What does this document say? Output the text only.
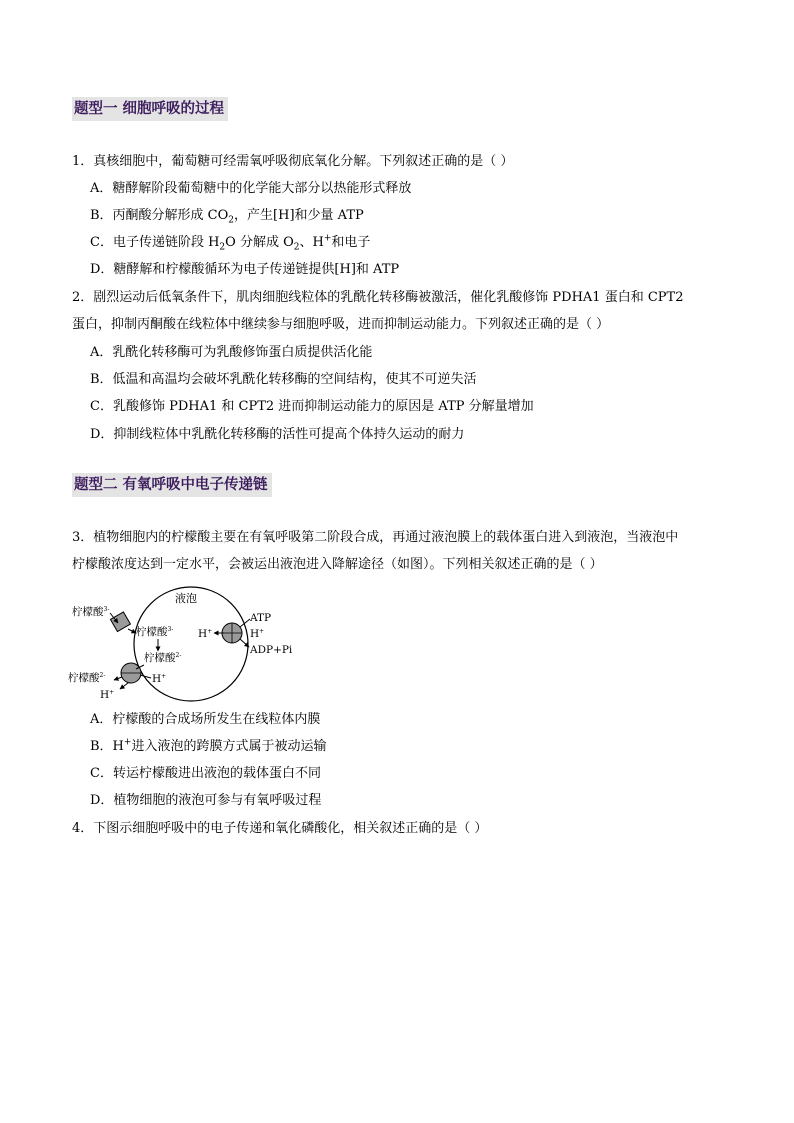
题型一 细胞呼吸的过程
1．真核细胞中，葡萄糖可经需氧呼吸彻底氧化分解。下列叙述正确的是（ ）
A．糖酵解阶段葡萄糖中的化学能大部分以热能形式释放
B．丙酮酸分解形成 $CO_2$，产生[H]和少量 ATP
C．电子传递链阶段 $H_2O$ 分解成 $O_2$、H+和电子
D．糖酵解和柠檬酸循环为电子传递链提供[H]和 ATP
2．剧烈运动后低氧条件下，肌肉细胞线粒体的乳酰化转移酶被激活，催化乳酸修饰 PDHA1 蛋白和 CPT2
蛋白，抑制丙酮酸在线粒体中继续参与细胞呼吸，进而抑制运动能力。下列叙述正确的是（ ）
A．乳酰化转移酶可为乳酸修饰蛋白质提供活化能
B．低温和高温均会破坏乳酰化转移酶的空间结构，使其不可逆失活
C．乳酸修饰 PDHA1 和 CPT2 进而抑制运动能力的原因是 ATP 分解量增加
D．抑制线粒体中乳酰化转移酶的活性可提高个体持久运动的耐力
题型二 有氧呼吸中电子传递链
3．植物细胞内的柠檬酸主要在有氧呼吸第二阶段合成，再通过液泡膜上的载体蛋白进入到液泡，当液泡中
柠檬酸浓度达到一定水平，会被运出液泡进入降解途径（如图）。下列相关叙述正确的是（ ）
液泡
柠檬酸$^{3-}$
柠檬酸$^{3-}$
柠檬酸$^{2-}$
柠檬酸$^{2-}$	H+
H+
H+
ATP
H+
ADP+Pi
A．柠檬酸的合成场所发生在线粒体内膜
B．H+进入液泡的跨膜方式属于被动运输
C．转运柠檬酸进出液泡的载体蛋白不同
D．植物细胞的液泡可参与有氧呼吸过程
4．下图示细胞呼吸中的电子传递和氧化磷酸化，相关叙述正确的是（ ）
